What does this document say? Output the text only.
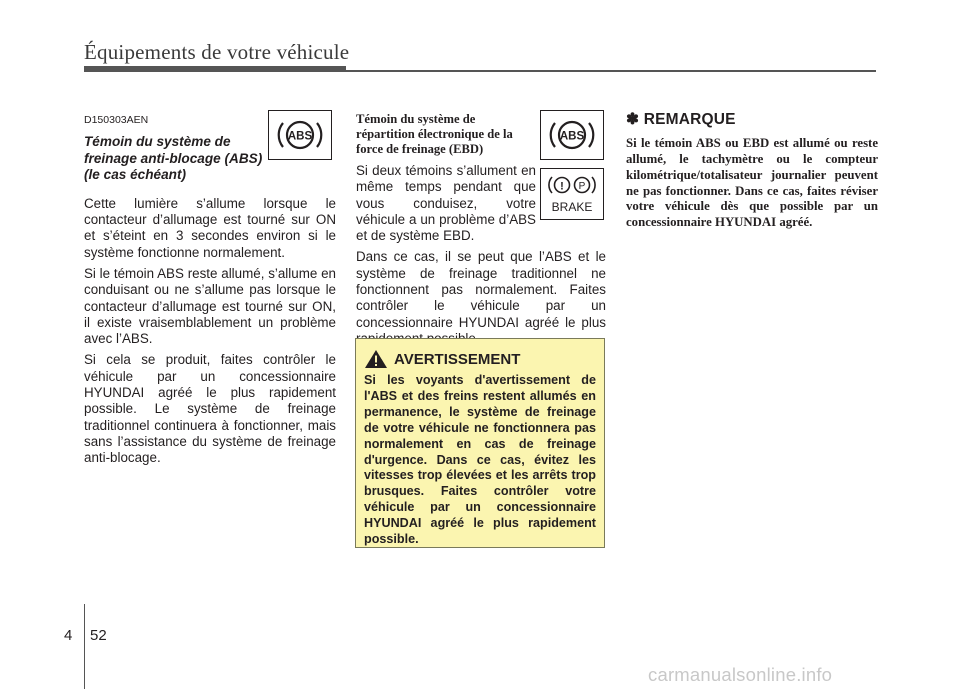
Équipements de votre véhicule

D150303AEN

Témoin du système de

freinage anti-blocage (ABS)

(le cas échéant)

Cette lumière s’allume lorsque le contacteur d’allumage est tourné sur ON et s’éteint en 3 secondes environ si le système fonctionne normalement.

Si le témoin ABS reste allumé, s’allume en conduisant ou ne s’allume pas lorsque le contacteur d’allumage est tourné sur ON, il existe vraisemblablement un problème avec l’ABS.

Si cela se produit, faites contrôler le véhicule par un concessionnaire HYUNDAI agréé le plus rapidement possible. Le système de freinage traditionnel continuera à fonctionner, mais sans l’assistance du système de freinage anti-blocage.

ABS

Témoin du système de répartition électronique de la force de freinage (EBD)

Si deux témoins s’allument en même temps pendant que vous conduisez, votre véhicule a un problème d’ABS et de système EBD.

Dans ce cas, il se peut que l’ABS et le système de freinage traditionnel ne fonctionnent pas normalement. Faites contrôler le véhicule par un concessionnaire HYUNDAI agréé le plus

ABS
! P
BRAKE

AVERTISSEMENT

Si les voyants d'avertissement de l'ABS et des freins restent allumés en permanence, le système de freinage de votre véhicule ne fonctionnera pas normalement en cas de freinage d'urgence. Dans ce cas, évitez les vitesses trop élevées et les arrêts trop brusques. Faites contrôler votre véhicule par un concessionnaire HYUNDAI agréé le plus rapidement possible.

✽ REMARQUE

Si le témoin ABS ou EBD est allumé ou reste allumé, le tachymètre ou le compteur kilométrique/totalisateur journalier peuvent ne pas fonctionner. Dans ce cas, faites réviser votre véhicule dès que possible par un concessionnaire HYUNDAI agréé.

4 52

carmanualsonline.info
